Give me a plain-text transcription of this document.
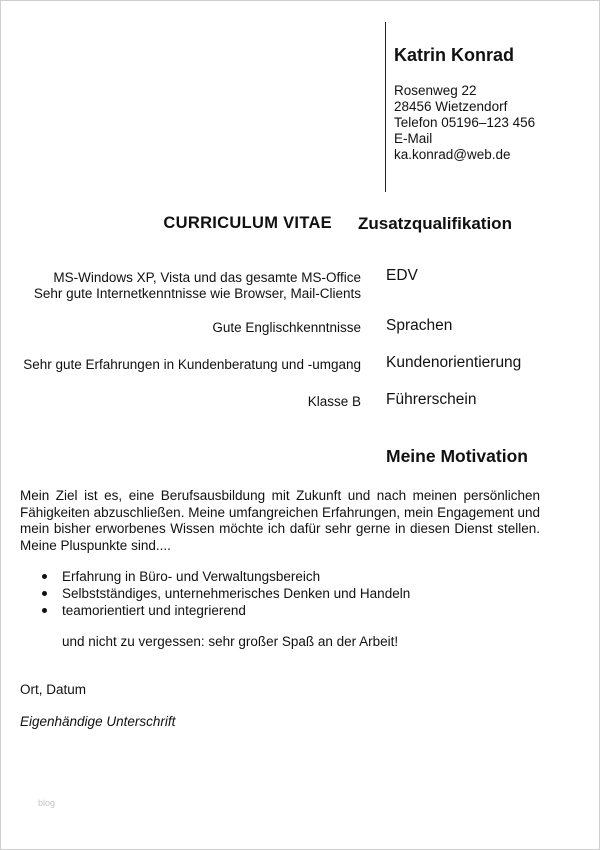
Katrin Konrad
Rosenweg 22
28456 Wietzendorf
Telefon 05196–123 456
E-Mail
ka.konrad@web.de
CURRICULUM VITAE Zusatzqualifikation
MS-Windows XP, Vista und das gesamte MS-Office
Sehr gute Internetkenntnisse wie Browser, Mail-Clients
EDV
Gute Englischkenntnisse Sprachen
Sehr gute Erfahrungen in Kundenberatung und -umgang Kundenorientierung
Klasse B Führerschein
Meine Motivation
Mein Ziel ist es, eine Berufsausbildung mit Zukunft und nach meinen persönlichen Fähigkeiten abzuschließen. Meine umfangreichen Erfahrungen, mein Engagement und mein bisher erworbenes Wissen möchte ich dafür sehr gerne in diesen Dienst stellen. Meine Pluspunkte sind....
Erfahrung in Büro- und Verwaltungsbereich
Selbstständiges, unternehmerisches Denken und Handeln
teamorientiert und integrierend
und nicht zu vergessen: sehr großer Spaß an der Arbeit!
Ort, Datum
Eigenhändige Unterschrift
blog
